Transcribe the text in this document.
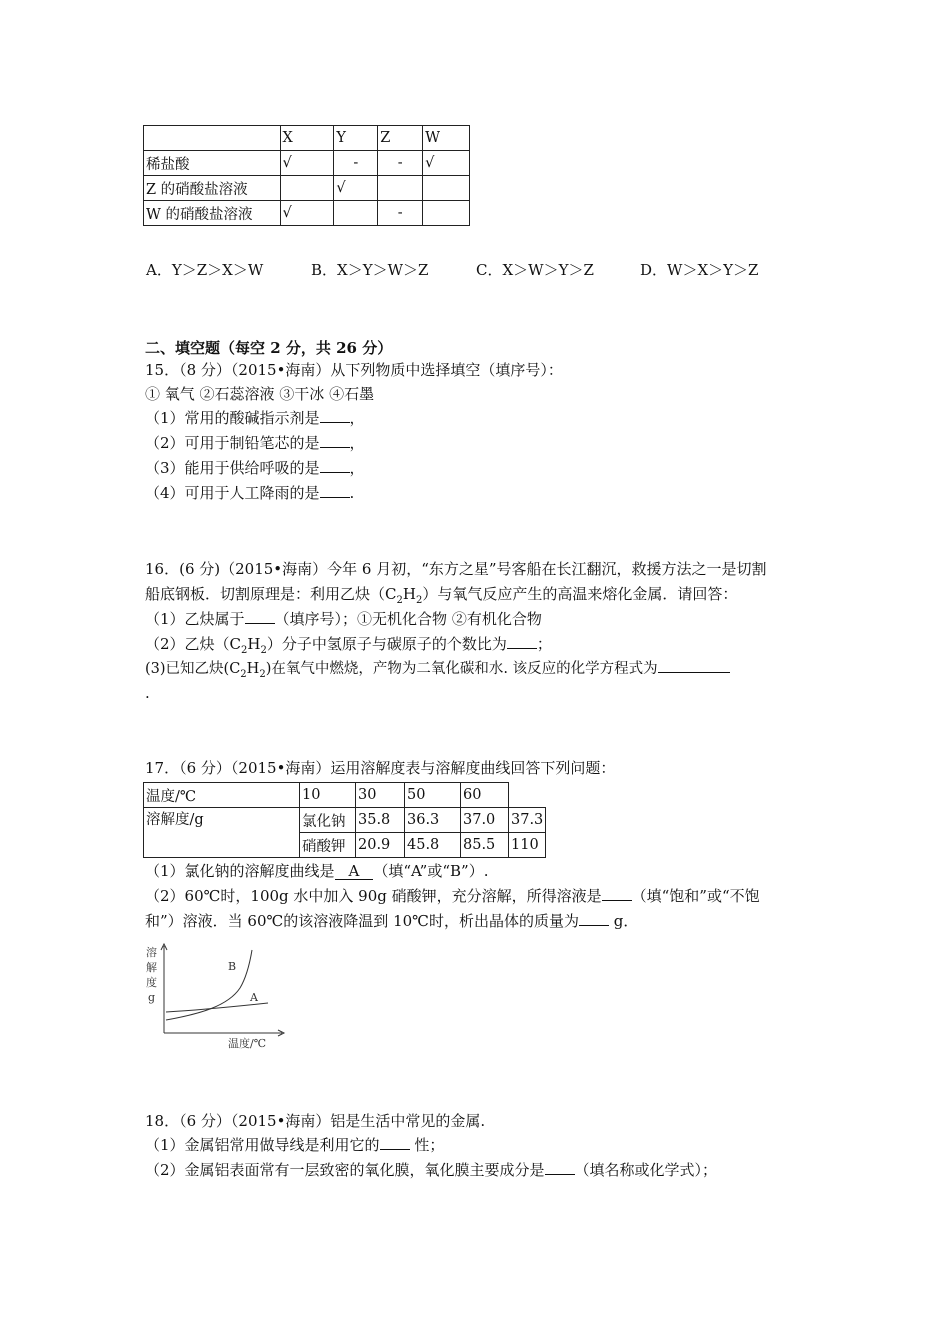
	X	Y	Z	W
稀盐酸	√	-	-	√
Z 的硝酸盐溶液		√		
W 的硝酸盐溶液	√		-	
A．Y＞Z＞X＞W	B．X＞Y＞W＞Z	C．X＞W＞Y＞Z	D．W＞X＞Y＞Z
二、填空题（每空 2 分，共 26 分）
15．（8 分）（2015•海南）从下列物质中选择填空（填序号）：
① 氧气 ②石蕊溶液 ③干冰 ④石墨
（1）常用的酸碱指示剂是 ，
（2）可用于制铅笔芯的是 ，
（3）能用于供给呼吸的是 ，
（4）可用于人工降雨的是 .
16．(6 分)（2015•海南）今年 6 月初，“东方之星”号客船在长江翻沉，救援方法之一是切割
船底钢板．切割原理是：利用乙炔$(C_2H_2)$与氧气反应产生的高温来熔化金属．请回答：
（1）乙炔属于 （填序号）；①无机化合物 ②有机化合物
（2）乙炔$(C_2H_2)$分子中氢原子与碳原子的个数比为 ；
(3)已知乙炔$(C_2H_2)$在氧气中燃烧，产物为二氧化碳和水. 该反应的化学方程式为
.
17．（6 分）（2015•海南）运用溶解度表与溶解度曲线回答下列问题：
温度/℃	10	30	50	60	
溶解度/g	氯化钠	35.8	36.3	37.0	37.3
	硝酸钾	20.9	45.8	85.5	110
（1）氯化钠的溶解度曲线是 A （填“A”或“B”）.
（2）60℃时，100g 水中加入 90g 硝酸钾，充分溶解，所得溶液是 （填“饱和”或“不饱
和”）溶液．当 60℃的该溶液降温到 10℃时，析出晶体的质量为 g．
溶
解
度
g
温度/℃
B
A
18．（6 分）（2015•海南）铝是生活中常见的金属.
（1）金属铝常用做导线是利用它的 性；
（2）金属铝表面常有一层致密的氧化膜，氧化膜主要成分是 （填名称或化学式）；
